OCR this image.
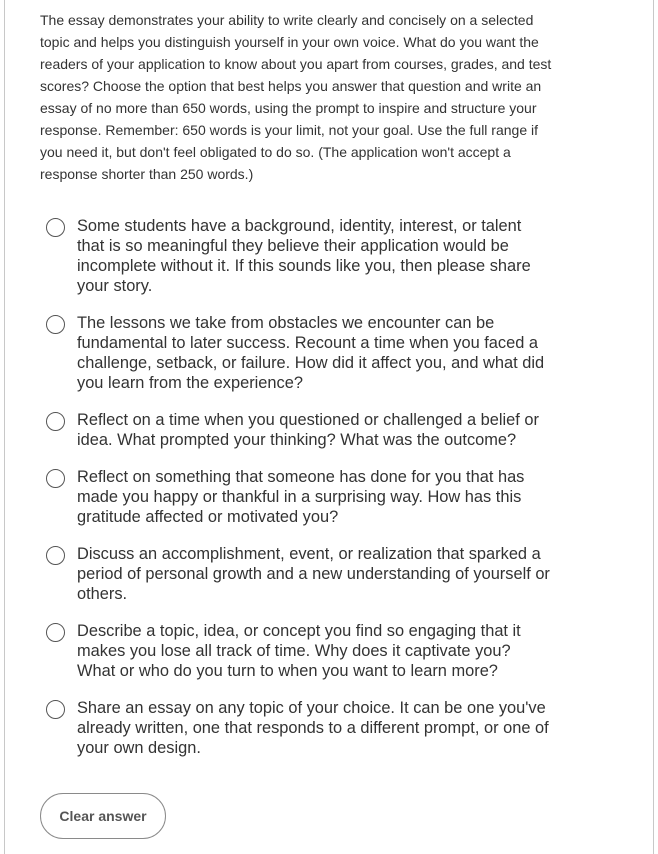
The essay demonstrates your ability to write clearly and concisely on a selected topic and helps you distinguish yourself in your own voice. What do you want the readers of your application to know about you apart from courses, grades, and test scores? Choose the option that best helps you answer that question and write an essay of no more than 650 words, using the prompt to inspire and structure your response. Remember: 650 words is your limit, not your goal. Use the full range if you need it, but don't feel obligated to do so. (The application won't accept a response shorter than 250 words.)

Some students have a background, identity, interest, or talent that is so meaningful they believe their application would be incomplete without it. If this sounds like you, then please share your story.
The lessons we take from obstacles we encounter can be fundamental to later success. Recount a time when you faced a challenge, setback, or failure. How did it affect you, and what did you learn from the experience?
Reflect on a time when you questioned or challenged a belief or idea. What prompted your thinking? What was the outcome?
Reflect on something that someone has done for you that has made you happy or thankful in a surprising way. How has this gratitude affected or motivated you?
Discuss an accomplishment, event, or realization that sparked a period of personal growth and a new understanding of yourself or others.
Describe a topic, idea, or concept you find so engaging that it makes you lose all track of time. Why does it captivate you? What or who do you turn to when you want to learn more?
Share an essay on any topic of your choice. It can be one you've already written, one that responds to a different prompt, or one of your own design.
Clear answer
